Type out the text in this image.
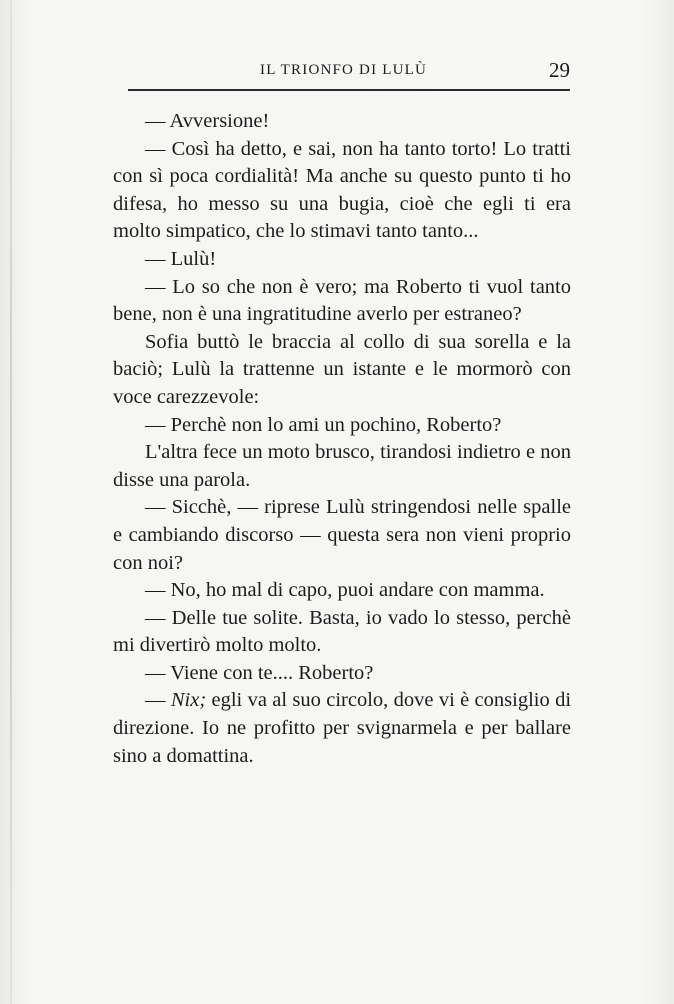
IL TRIONFO DI LULÙ	29

— Avversione!

— Così ha detto, e sai, non ha tanto torto! Lo tratti con sì poca cordialità! Ma anche su questo punto ti ho difesa, ho messo su una bugia, cioè che egli ti era molto simpatico, che lo stimavi tanto tanto...

— Lulù!

— Lo so che non è vero; ma Roberto ti vuol tanto bene, non è una ingratitudine averlo per estraneo?

Sofia buttò le braccia al collo di sua sorella e la baciò; Lulù la trattenne un istante e le mormorò con voce carezzevole:

— Perchè non lo ami un pochino, Roberto?

L'altra fece un moto brusco, tirandosi indietro e non disse una parola.

— Sicchè, — riprese Lulù stringendosi nelle spalle e cambiando discorso — questa sera non vieni proprio con noi?

— No, ho mal di capo, puoi andare con mamma.

— Delle tue solite. Basta, io vado lo stesso, perchè mi divertirò molto molto.

— Viene con te.... Roberto?

— Nix; egli va al suo circolo, dove vi è consiglio di direzione. Io ne profitto per svignarmela e per ballare sino a domattina.
